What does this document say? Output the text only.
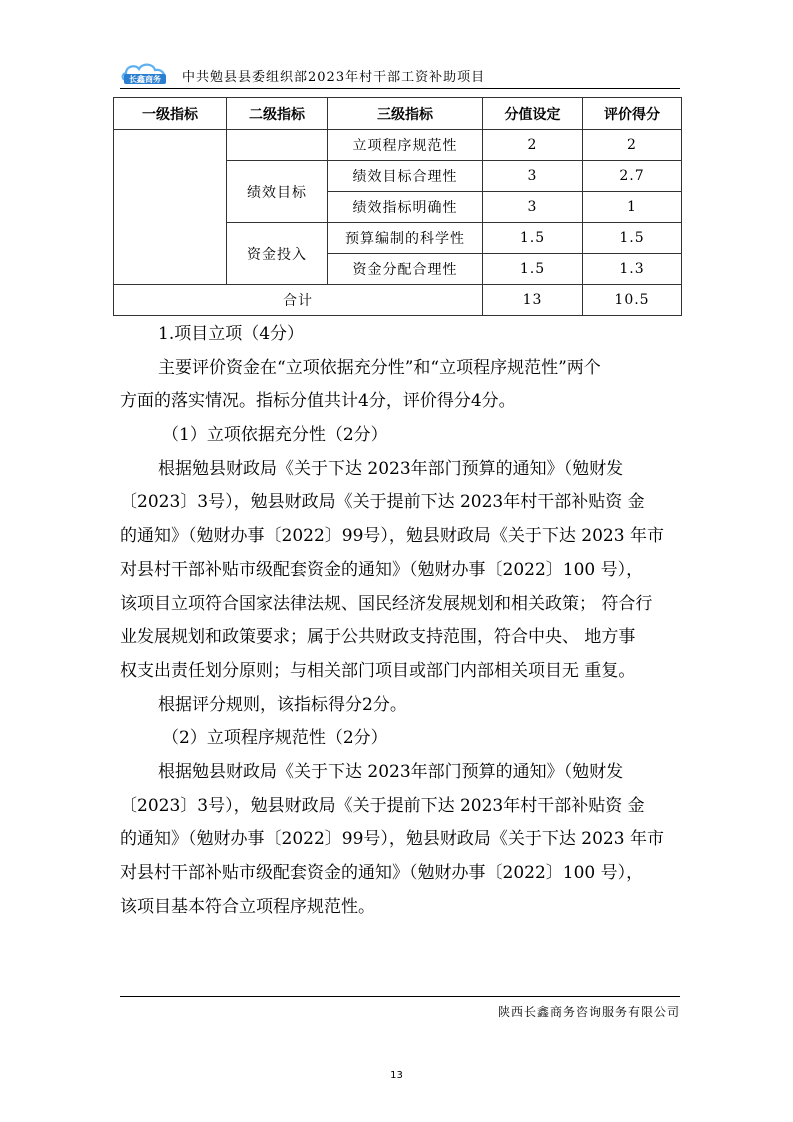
长鑫商务 中共勉县县委组织部2023年村干部工资补助项目
一级指标	二级指标	三级指标	分值设定	评价得分
		立项程序规范性	2	2
	绩效目标	绩效目标合理性	3	2.7
		绩效指标明确性	3	1
	资金投入	预算编制的科学性	1.5	1.5
		资金分配合理性	1.5	1.3
合计			13	10.5
1.项目立项（4分）
主要评价资金在“立项依据充分性”和“立项程序规范性”两个
方面的落实情况。指标分值共计4分，评价得分4分。
（1）立项依据充分性（2分）
根据勉县财政局《关于下达 2023年部门预算的通知》（勉财发
〔2023〕3号），勉县财政局《关于提前下达 2023年村干部补贴资 金
的通知》（勉财办事〔2022〕99号），勉县财政局《关于下达 2023 年市
对县村干部补贴市级配套资金的通知》（勉财办事〔2022〕100 号），
该项目立项符合国家法律法规、国民经济发展规划和相关政策； 符合行
业发展规划和政策要求；属于公共财政支持范围，符合中央、 地方事
权支出责任划分原则；与相关部门项目或部门内部相关项目无 重复。
根据评分规则，该指标得分2分。
（2）立项程序规范性（2分）
根据勉县财政局《关于下达 2023年部门预算的通知》（勉财发
〔2023〕3号），勉县财政局《关于提前下达 2023年村干部补贴资 金
的通知》（勉财办事〔2022〕99号），勉县财政局《关于下达 2023 年市
对县村干部补贴市级配套资金的通知》（勉财办事〔2022〕100 号），
该项目基本符合立项程序规范性。
陕西长鑫商务咨询服务有限公司
13
